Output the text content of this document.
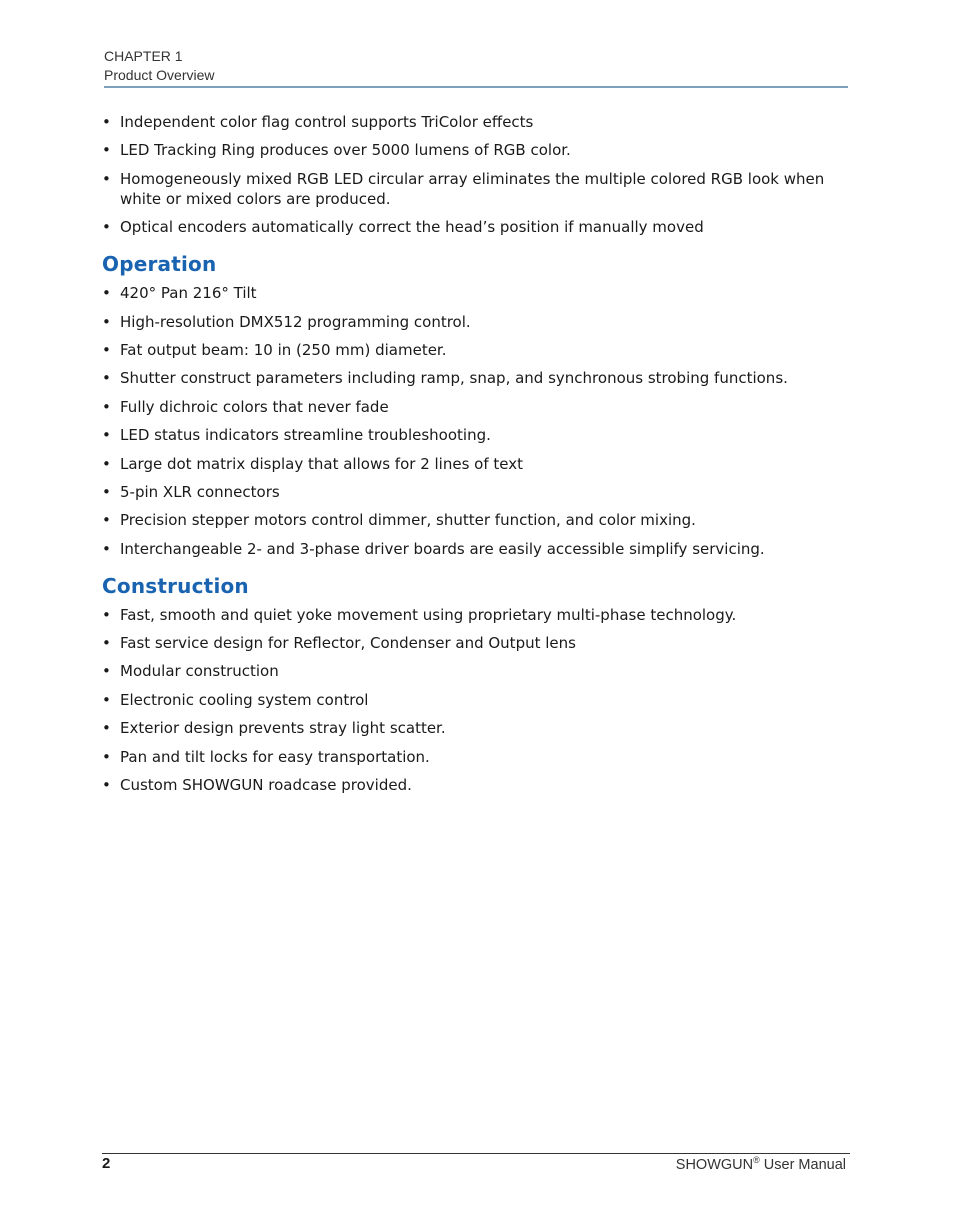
CHAPTER 1
Product Overview
• Independent color flag control supports TriColor effects
• LED Tracking Ring produces over 5000 lumens of RGB color.
• Homogeneously mixed RGB LED circular array eliminates the multiple colored RGB look when white or mixed colors are produced.
• Optical encoders automatically correct the head’s position if manually moved
Operation
• 420° Pan 216° Tilt
• High-resolution DMX512 programming control.
• Fat output beam: 10 in (250 mm) diameter.
• Shutter construct parameters including ramp, snap, and synchronous strobing functions.
• Fully dichroic colors that never fade
• LED status indicators streamline troubleshooting.
• Large dot matrix display that allows for 2 lines of text
• 5-pin XLR connectors
• Precision stepper motors control dimmer, shutter function, and color mixing.
• Interchangeable 2- and 3-phase driver boards are easily accessible simplify servicing.
Construction
• Fast, smooth and quiet yoke movement using proprietary multi-phase technology.
• Fast service design for Reflector, Condenser and Output lens
• Modular construction
• Electronic cooling system control
• Exterior design prevents stray light scatter.
• Pan and tilt locks for easy transportation.
• Custom SHOWGUN roadcase provided.
2	SHOWGUN® User Manual
